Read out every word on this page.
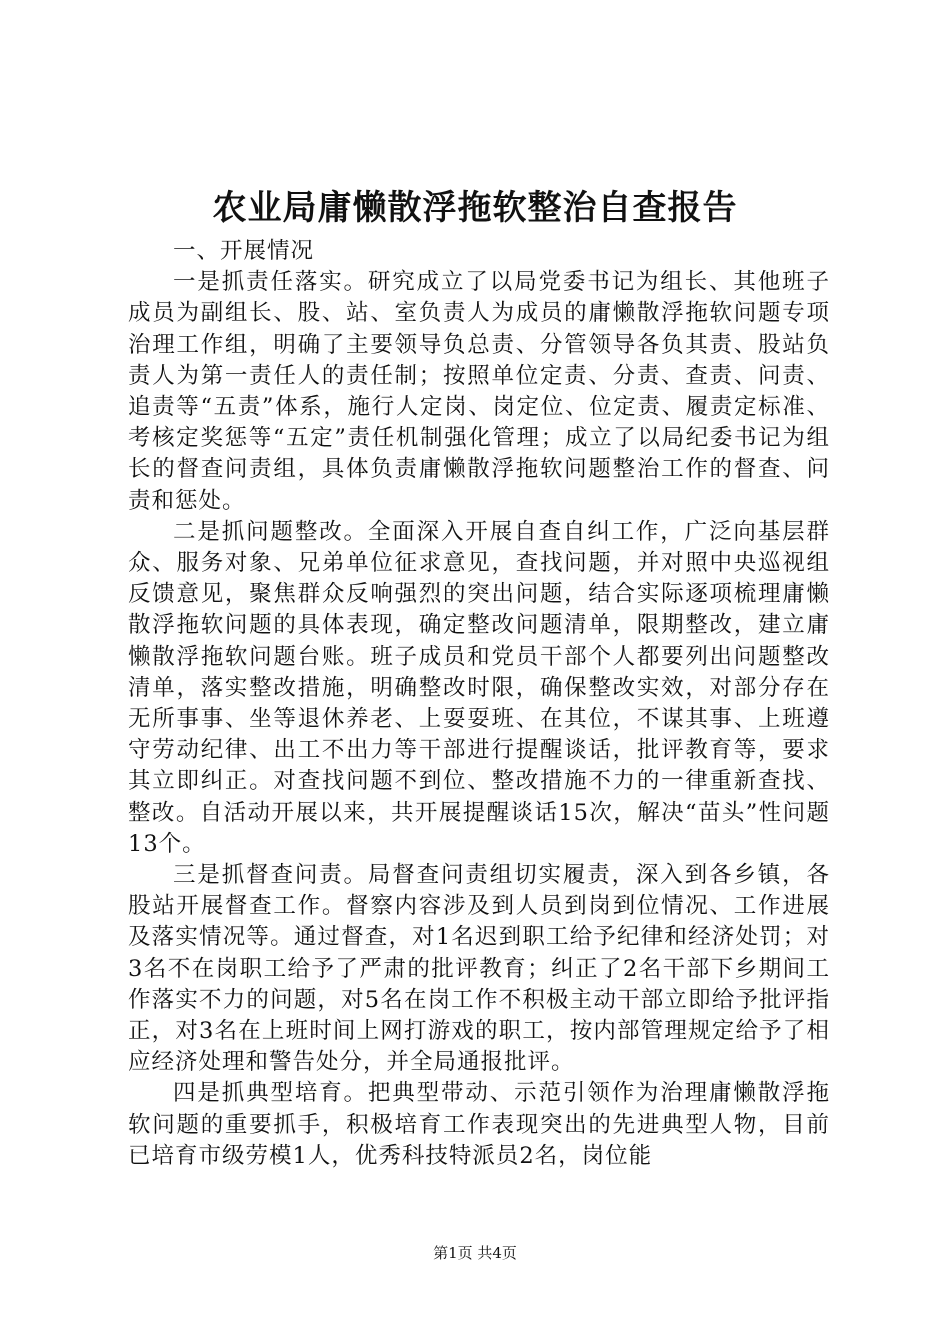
农业局庸懒散浮拖软整治自查报告

一、开展情况

一是抓责任落实。研究成立了以局党委书记为组长、其他班子成员为副组长、股、站、室负责人为成员的庸懒散浮拖软问题专项治理工作组，明确了主要领导负总责、分管领导各负其责、股站负责人为第一责任人的责任制；按照单位定责、分责、查责、问责、追责等“五责”体系，施行人定岗、岗定位、位定责、履责定标准、考核定奖惩等“五定”责任机制强化管理；成立了以局纪委书记为组长的督查问责组，具体负责庸懒散浮拖软问题整治工作的督查、问责和惩处。

二是抓问题整改。全面深入开展自查自纠工作，广泛向基层群众、服务对象、兄弟单位征求意见，查找问题，并对照中央巡视组反馈意见，聚焦群众反响强烈的突出问题，结合实际逐项梳理庸懒散浮拖软问题的具体表现，确定整改问题清单，限期整改，建立庸懒散浮拖软问题台账。班子成员和党员干部个人都要列出问题整改清单，落实整改措施，明确整改时限，确保整改实效，对部分存在无所事事、坐等退休养老、上耍耍班、在其位，不谋其事、上班遵守劳动纪律、出工不出力等干部进行提醒谈话，批评教育等，要求其立即纠正。对查找问题不到位、整改措施不力的一律重新查找、整改。自活动开展以来，共开展提醒谈话15次，解决“苗头”性问题13个。

三是抓督查问责。局督查问责组切实履责，深入到各乡镇，各股站开展督查工作。督察内容涉及到人员到岗到位情况、工作进展及落实情况等。通过督查，对1名迟到职工给予纪律和经济处罚；对3名不在岗职工给予了严肃的批评教育；纠正了2名干部下乡期间工作落实不力的问题，对5名在岗工作不积极主动干部立即给予批评指正，对3名在上班时间上网打游戏的职工，按内部管理规定给予了相应经济处理和警告处分，并全局通报批评。

四是抓典型培育。把典型带动、示范引领作为治理庸懒散浮拖软问题的重要抓手，积极培育工作表现突出的先进典型人物，目前已培育市级劳模1人，优秀科技特派员2名，岗位能

第1页 共4页
